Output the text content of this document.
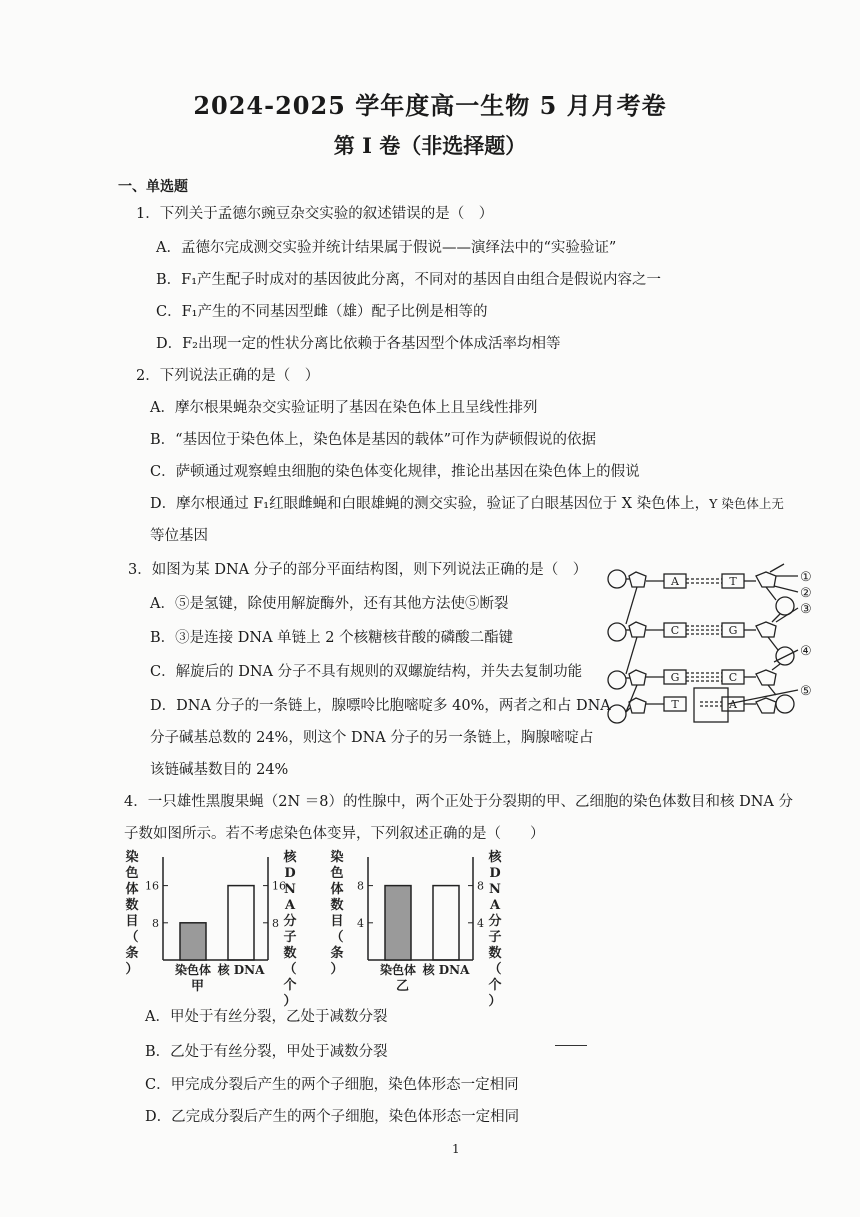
2024-2025 学年度高一生物 5 月月考卷
第 I 卷（非选择题）
一、单选题
1．下列关于孟德尔豌豆杂交实验的叙述错误的是（　）
A．孟德尔完成测交实验并统计结果属于假说——演绎法中的“实验验证”
B．F₁产生配子时成对的基因彼此分离，不同对的基因自由组合是假说内容之一
C．F₁产生的不同基因型雌（雄）配子比例是相等的
D．F₂出现一定的性状分离比依赖于各基因型个体成活率均相等
2．下列说法正确的是（　）
A．摩尔根果蝇杂交实验证明了基因在染色体上且呈线性排列
B．“基因位于染色体上，染色体是基因的载体”可作为萨顿假说的依据
C．萨顿通过观察蝗虫细胞的染色体变化规律，推论出基因在染色体上的假说
D．摩尔根通过 F₁红眼雌蝇和白眼雄蝇的测交实验，验证了白眼基因位于 X 染色体上，Y 染色体上无
等位基因
3．如图为某 DNA 分子的部分平面结构图，则下列说法正确的是（　）
A．⑤是氢键，除使用解旋酶外，还有其他方法使⑤断裂
B．③是连接 DNA 单链上 2 个核糖核苷酸的磷酸二酯键
C．解旋后的 DNA 分子不具有规则的双螺旋结构，并失去复制功能
D．DNA 分子的一条链上，腺嘌呤比胞嘧啶多 40%，两者之和占 DNA
分子碱基总数的 24%，则这个 DNA 分子的另一条链上，胸腺嘧啶占
该链碱基数目的 24%
A	T
C	G
G	C
T	A
①
②
③
④
⑤
4．一只雄性黑腹果蝇（2N ＝8）的性腺中，两个正处于分裂期的甲、乙细胞的染色体数目和核 DNA 分
子数如图所示。若不考虑染色体变异，下列叙述正确的是（　　）
染色体数目（条）
核 D N A 分子数（个）
8	8
16	16
染色体 核 DNA
甲
染色体数目（条）
核 D N A 分子数（个）
4	4
8	8
染色体 核 DNA
乙
A．甲处于有丝分裂，乙处于减数分裂
B．乙处于有丝分裂，甲处于减数分裂
C．甲完成分裂后产生的两个子细胞，染色体形态一定相同
D．乙完成分裂后产生的两个子细胞，染色体形态一定相同
1
